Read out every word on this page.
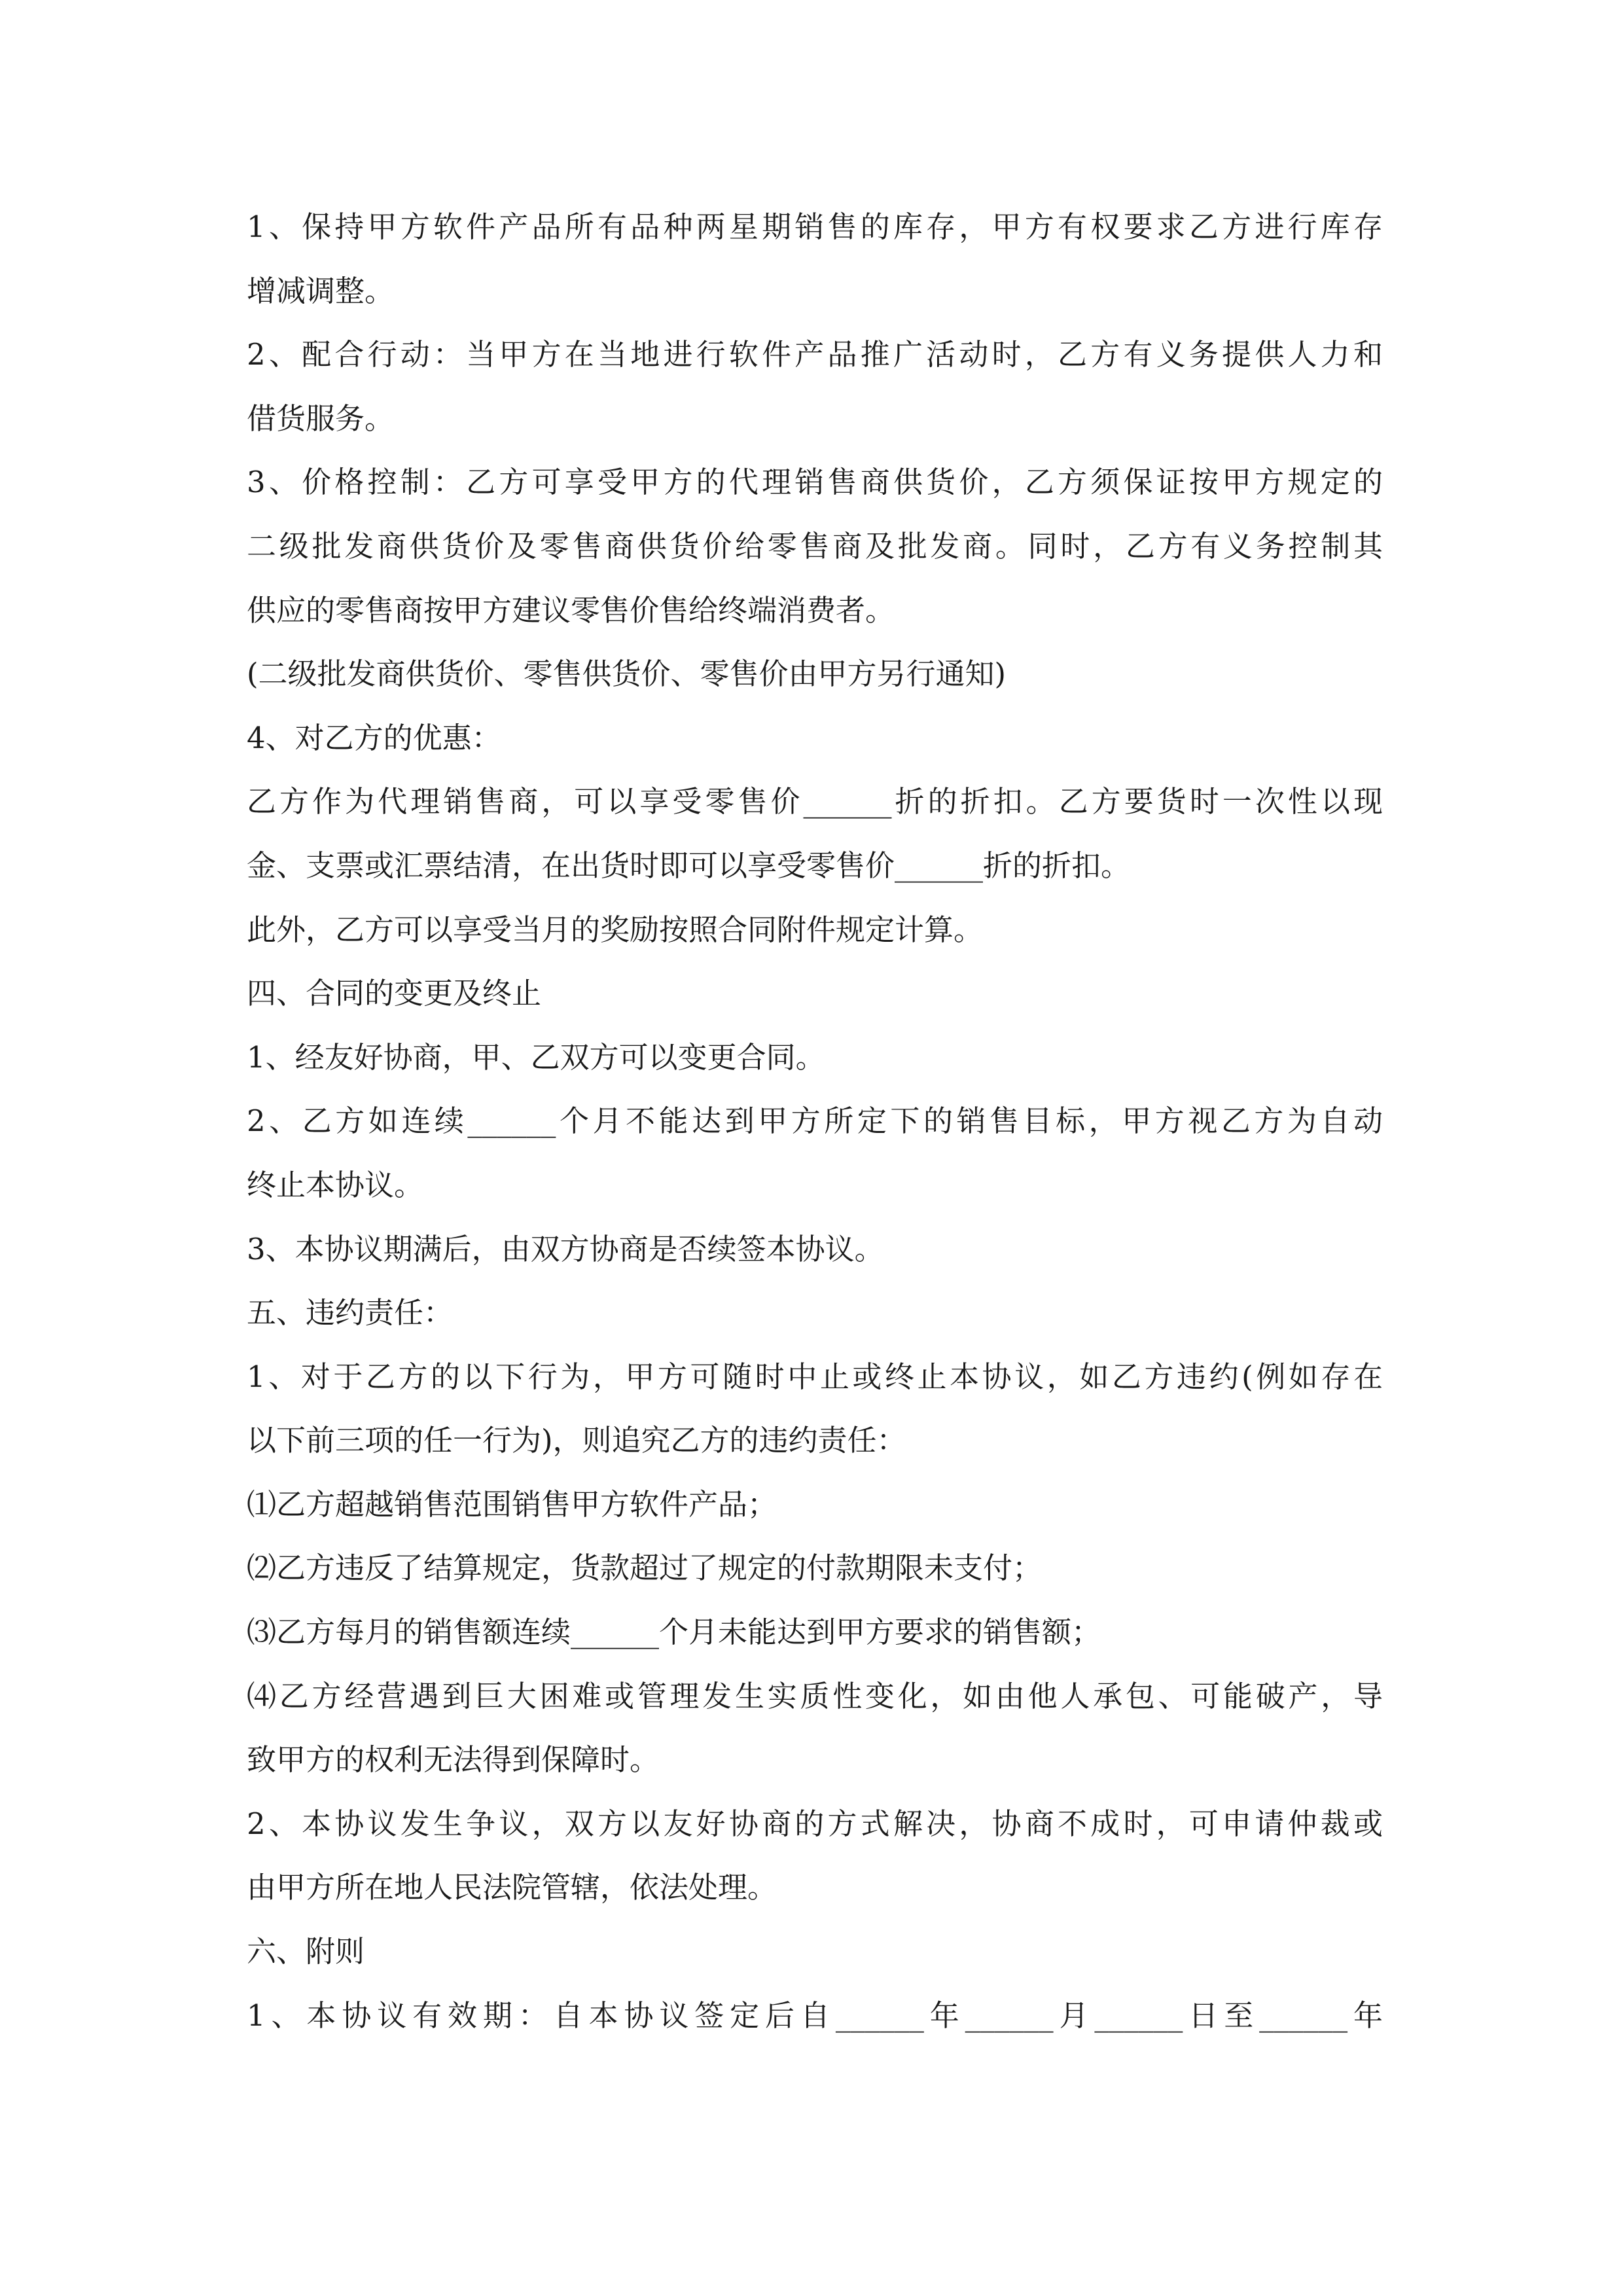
1、保持甲方软件产品所有品种两星期销售的库存，甲方有权要求乙方进行库存
增减调整。
2、配合行动：当甲方在当地进行软件产品推广活动时，乙方有义务提供人力和
借货服务。
3、价格控制：乙方可享受甲方的代理销售商供货价，乙方须保证按甲方规定的
二级批发商供货价及零售商供货价给零售商及批发商。同时，乙方有义务控制其
供应的零售商按甲方建议零售价售给终端消费者。
(二级批发商供货价、零售供货价、零售价由甲方另行通知)
4、对乙方的优惠：
乙方作为代理销售商，可以享受零售价______折的折扣。乙方要货时一次性以现
金、支票或汇票结清，在出货时即可以享受零售价______折的折扣。
此外，乙方可以享受当月的奖励按照合同附件规定计算。
四、合同的变更及终止
1、经友好协商，甲、乙双方可以变更合同。
2、乙方如连续______个月不能达到甲方所定下的销售目标，甲方视乙方为自动
终止本协议。
3、本协议期满后，由双方协商是否续签本协议。
五、违约责任：
1、对于乙方的以下行为，甲方可随时中止或终止本协议，如乙方违约(例如存在
以下前三项的任一行为)，则追究乙方的违约责任：
⑴乙方超越销售范围销售甲方软件产品；
⑵乙方违反了结算规定，货款超过了规定的付款期限未支付；
⑶乙方每月的销售额连续______个月未能达到甲方要求的销售额；
⑷乙方经营遇到巨大困难或管理发生实质性变化，如由他人承包、可能破产，导
致甲方的权利无法得到保障时。
2、本协议发生争议，双方以友好协商的方式解决，协商不成时，可申请仲裁或
由甲方所在地人民法院管辖，依法处理。
六、附则
1、本协议有效期：自本协议签定后自______年______月______日至______年
